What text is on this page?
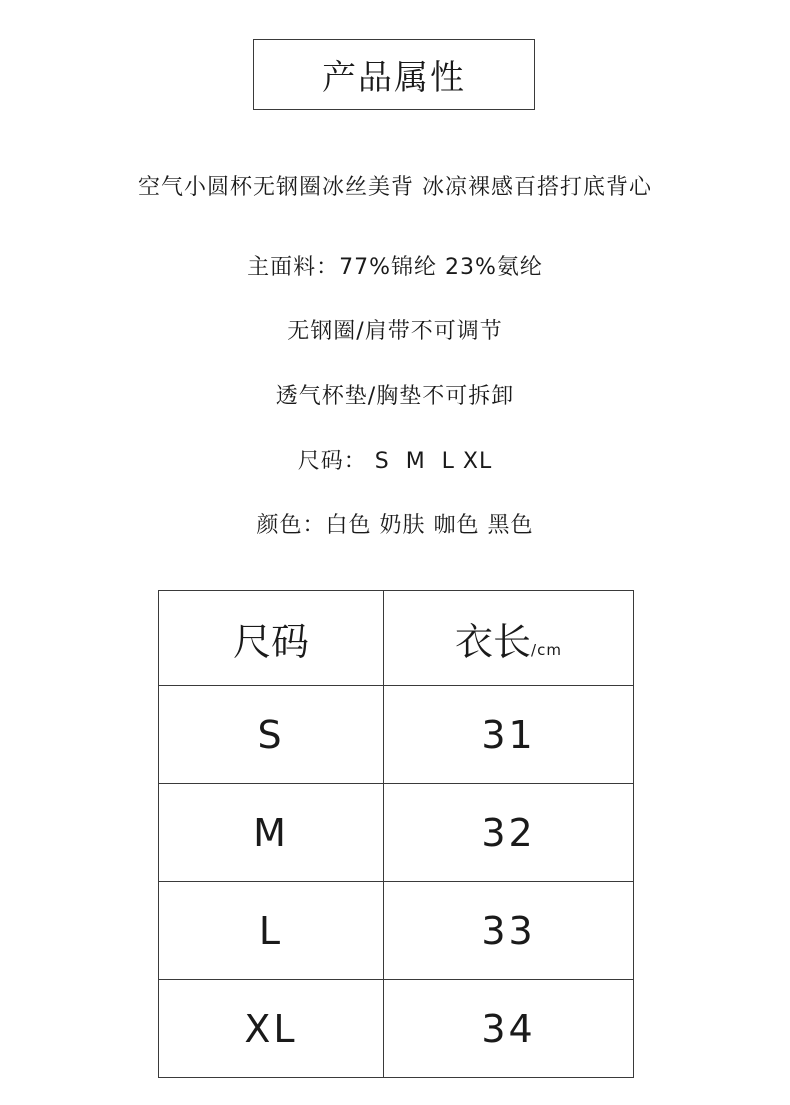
产品属性
空气小圆杯无钢圈冰丝美背 冰凉裸感百搭打底背心
主面料：77%锦纶 23%氨纶
无钢圈/肩带不可调节
透气杯垫/胸垫不可拆卸
尺码： S  M  L XL
颜色：白色 奶肤 咖色 黑色
尺码	衣长/cm
S	31
M	32
L	33
XL	34
